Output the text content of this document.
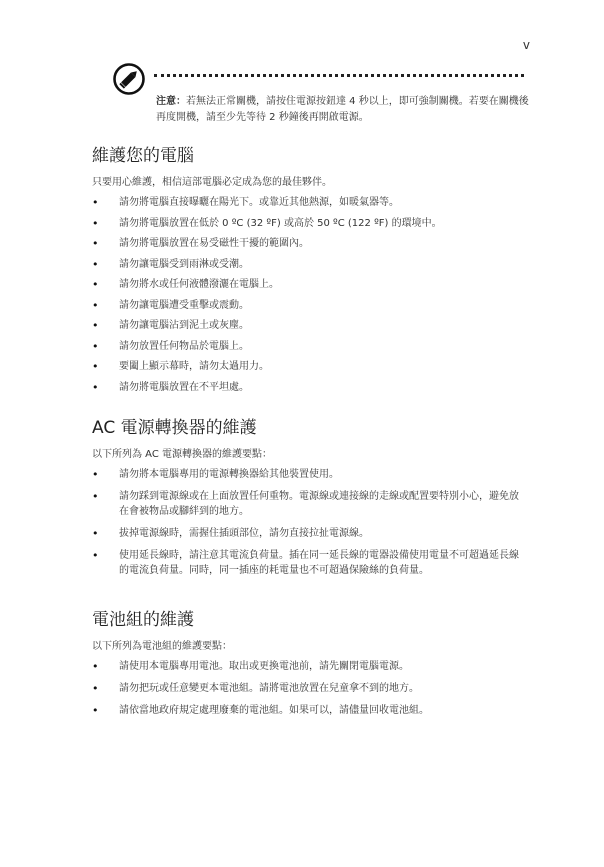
v
注意：若無法正常關機，請按住電源按鈕達 4 秒以上，即可強制關機。若要在關機後再度開機，請至少先等待 2 秒鐘後再開啟電源。
維護您的電腦

只要用心維護，相信這部電腦必定成為您的最佳夥伴。

• 請勿將電腦直接曝曬在陽光下。或靠近其他熱源，如暖氣器等。
• 請勿將電腦放置在低於 0 ºC (32 ºF) 或高於 50 ºC (122 ºF) 的環境中。
• 請勿將電腦放置在易受磁性干擾的範圍內。
• 請勿讓電腦受到雨淋或受潮。
• 請勿將水或任何液體潑灑在電腦上。
• 請勿讓電腦遭受重擊或震動。
• 請勿讓電腦沾到泥土或灰塵。
• 請勿放置任何物品於電腦上。
• 要闔上顯示幕時，請勿太過用力。
• 請勿將電腦放置在不平坦處。
AC 電源轉換器的維護

以下所列為 AC 電源轉換器的維護要點：

• 請勿將本電腦專用的電源轉換器給其他裝置使用。
• 請勿踩到電源線或在上面放置任何重物。電源線或連接線的走線或配置要特別小心，避免放在會被物品或腳絆到的地方。
• 拔掉電源線時，需握住插頭部位，請勿直接拉扯電源線。
• 使用延長線時，請注意其電流負荷量。插在同一延長線的電器設備使用電量不可超過延長線的電流負荷量。同時，同一插座的耗電量也不可超過保險絲的負荷量。
電池組的維護

以下所列為電池組的維護要點：

• 請使用本電腦專用電池。取出或更換電池前，請先關閉電腦電源。
• 請勿把玩或任意變更本電池組。請將電池放置在兒童拿不到的地方。
• 請依當地政府規定處理廢棄的電池組。如果可以，請儘量回收電池組。
